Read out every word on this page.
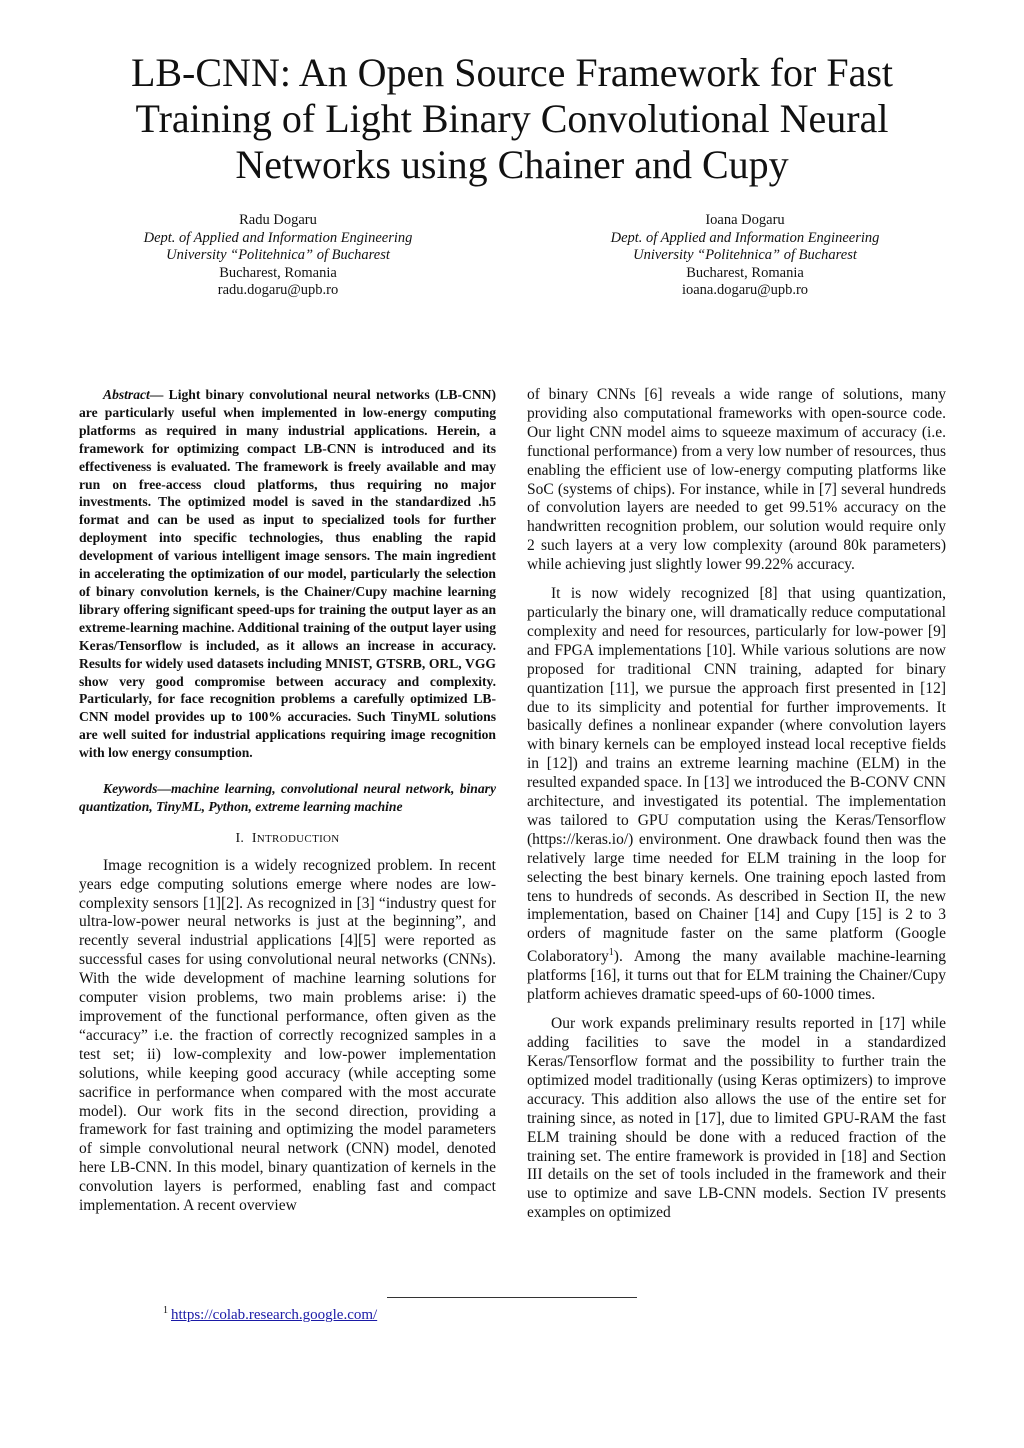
LB-CNN: An Open Source Framework for Fast
Training of Light Binary Convolutional Neural
Networks using Chainer and Cupy
Radu Dogaru
Dept. of Applied and Information Engineering
University “Politehnica” of Bucharest
Bucharest, Romania
radu.dogaru@upb.ro
Ioana Dogaru
Dept. of Applied and Information Engineering
University “Politehnica” of Bucharest
Bucharest, Romania
ioana.dogaru@upb.ro

Abstract— Light binary convolutional neural networks (LB-CNN) are particularly useful when implemented in low-energy computing platforms as required in many industrial applications. Herein, a framework for optimizing compact LB-CNN is introduced and its effectiveness is evaluated. The framework is freely available and may run on free-access cloud platforms, thus requiring no major investments. The optimized model is saved in the standardized .h5 format and can be used as input to specialized tools for further deployment into specific technologies, thus enabling the rapid development of various intelligent image sensors. The main ingredient in accelerating the optimization of our model, particularly the selection of binary convolution kernels, is the Chainer/Cupy machine learning library offering significant speed-ups for training the output layer as an extreme-learning machine. Additional training of the output layer using Keras/Tensorflow is included, as it allows an increase in accuracy. Results for widely used datasets including MNIST, GTSRB, ORL, VGG show very good compromise between accuracy and complexity. Particularly, for face recognition problems a carefully optimized LB-CNN model provides up to 100% accuracies. Such TinyML solutions are well suited for industrial applications requiring image recognition with low energy consumption.

Keywords—machine learning, convolutional neural network, binary quantization, TinyML, Python, extreme learning machine

I. INTRODUCTION

Image recognition is a widely recognized problem. In recent years edge computing solutions emerge where nodes are low-complexity sensors [1][2]. As recognized in [3] “industry quest for ultra-low-power neural networks is just at the beginning”, and recently several industrial applications [4][5] were reported as successful cases for using convolutional neural networks (CNNs). With the wide development of machine learning solutions for computer vision problems, two main problems arise: i) the improvement of the functional performance, often given as the “accuracy” i.e. the fraction of correctly recognized samples in a test set; ii) low-complexity and low-power implementation solutions, while keeping good accuracy (while accepting some sacrifice in performance when compared with the most accurate model). Our work fits in the second direction, providing a framework for fast training and optimizing the model parameters of simple convolutional neural network (CNN) model, denoted here LB-CNN. In this model, binary quantization of kernels in the convolution layers is performed, enabling fast and compact implementation. A recent overview

of binary CNNs [6] reveals a wide range of solutions, many providing also computational frameworks with open-source code. Our light CNN model aims to squeeze maximum of accuracy (i.e. functional performance) from a very low number of resources, thus enabling the efficient use of low-energy computing platforms like SoC (systems of chips). For instance, while in [7] several hundreds of convolution layers are needed to get 99.51% accuracy on the handwritten recognition problem, our solution would require only 2 such layers at a very low complexity (around 80k parameters) while achieving just slightly lower 99.22% accuracy.

It is now widely recognized [8] that using quantization, particularly the binary one, will dramatically reduce computational complexity and need for resources, particularly for low-power [9] and FPGA implementations [10]. While various solutions are now proposed for traditional CNN training, adapted for binary quantization [11], we pursue the approach first presented in [12] due to its simplicity and potential for further improvements. It basically defines a nonlinear expander (where convolution layers with binary kernels can be employed instead local receptive fields in [12]) and trains an extreme learning machine (ELM) in the resulted expanded space. In [13] we introduced the B-CONV CNN architecture, and investigated its potential. The implementation was tailored to GPU computation using the Keras/Tensorflow (https://keras.io/) environment. One drawback found then was the relatively large time needed for ELM training in the loop for selecting the best binary kernels. One training epoch lasted from tens to hundreds of seconds. As described in Section II, the new implementation, based on Chainer [14] and Cupy [15] is 2 to 3 orders of magnitude faster on the same platform (Google Colaboratory$^1$). Among the many available machine-learning platforms [16], it turns out that for ELM training the Chainer/Cupy platform achieves dramatic speed-ups of 60-1000 times.

Our work expands preliminary results reported in [17] while adding facilities to save the model in a standardized Keras/Tensorflow format and the possibility to further train the optimized model traditionally (using Keras optimizers) to improve accuracy. This addition also allows the use of the entire set for training since, as noted in [17], due to limited GPU-RAM the fast ELM training should be done with a reduced fraction of the training set. The entire framework is provided in [18] and Section III details on the set of tools included in the framework and their use to optimize and save LB-CNN models. Section IV presents examples on optimized

$^1$ https://colab.research.google.com/
